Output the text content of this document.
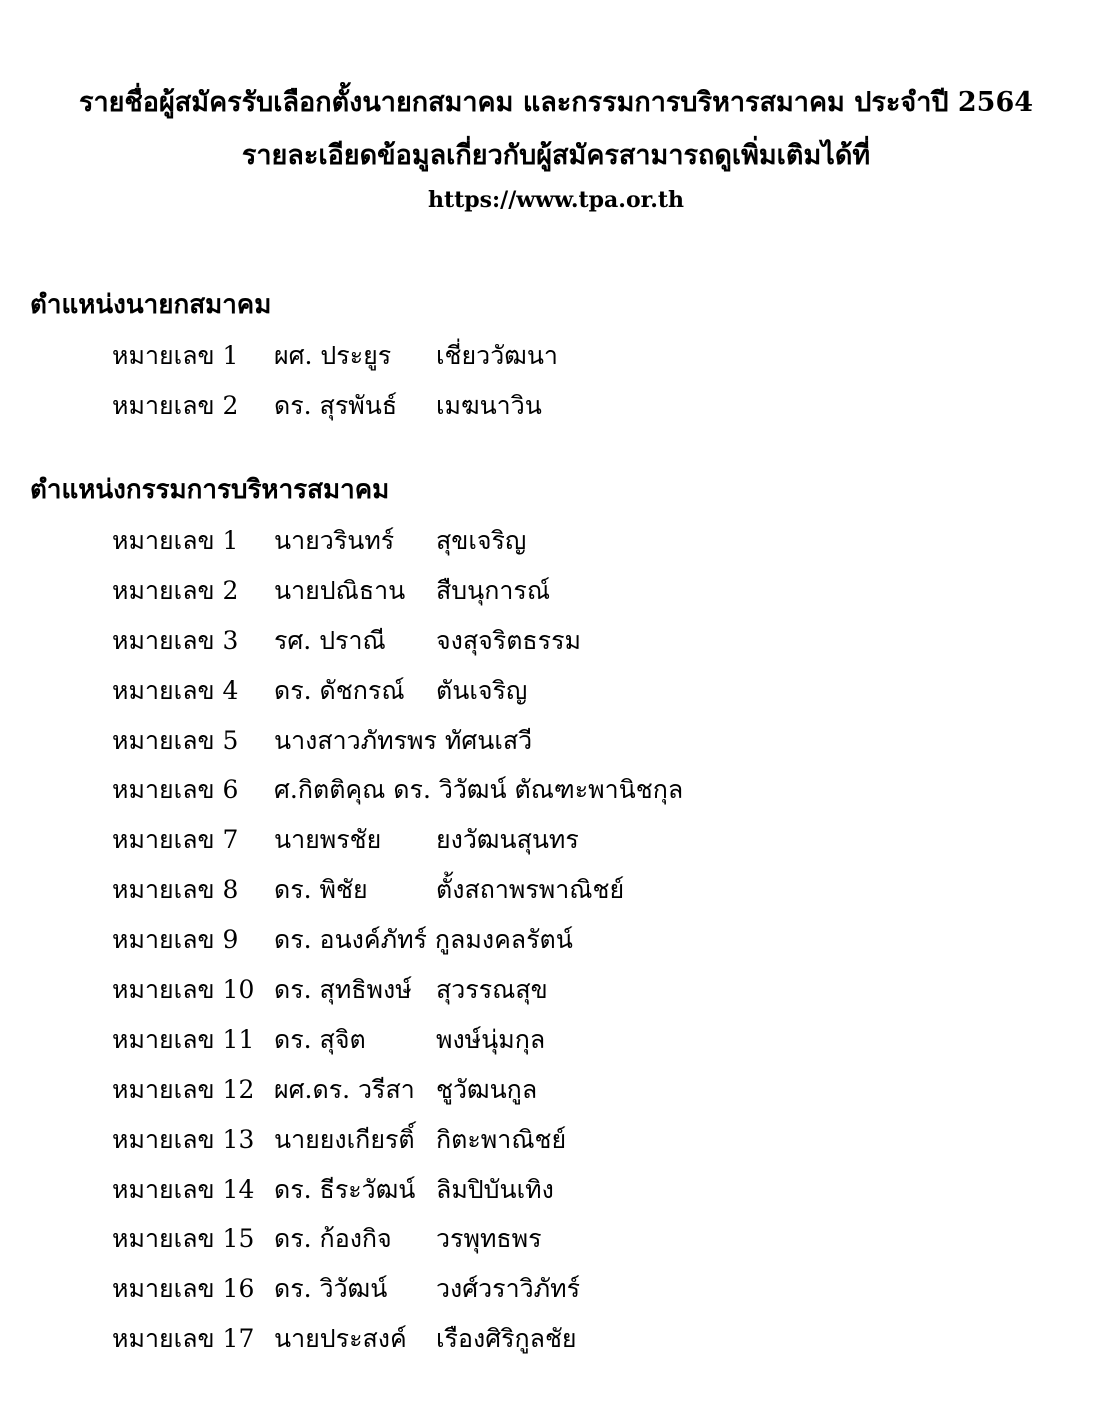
รายชื่อผู้สมัครรับเลือกตั้งนายกสมาคม และกรรมการบริหารสมาคม ประจำปี 2564
รายละเอียดข้อมูลเกี่ยวกับผู้สมัครสามารถดูเพิ่มเติมได้ที่
https://www.tpa.or.th
ตำแหน่งนายกสมาคม
หมายเลข 1 ผศ. ประยูร เชี่ยววัฒนา
หมายเลข 2 ดร. สุรพันธ์ เมฆนาวิน
ตำแหน่งกรรมการบริหารสมาคม
หมายเลข 1 นายวรินทร์ สุขเจริญ
หมายเลข 2 นายปณิธาน สืบนุการณ์
หมายเลข 3 รศ. ปราณี จงสุจริตธรรม
หมายเลข 4 ดร. ดัชกรณ์ ตันเจริญ
หมายเลข 5 นางสาวภัทรพร ทัศนเสวี
หมายเลข 6 ศ.กิตติคุณ ดร. วิวัฒน์ ตัณฑะพานิชกุล
หมายเลข 7 นายพรชัย ยงวัฒนสุนทร
หมายเลข 8 ดร. พิชัย	ตั้งสถาพรพาณิชย์
หมายเลข 9 ดร. อนงค์ภัทร์ กูลมงคลรัตน์
หมายเลข 10 ดร. สุทธิพงษ์ สุวรรณสุข
หมายเลข 11 ดร. สุจิต	พงษ์นุ่มกุล
หมายเลข 12 ผศ.ดร. วรีสา ชูวัฒนกูล
หมายเลข 13 นายยงเกียรติ์ กิตะพาณิชย์
หมายเลข 14 ดร. ธีระวัฒน์ ลิมปิบันเทิง
หมายเลข 15 ดร. ก้องกิจ วรพุทธพร
หมายเลข 16 ดร. วิวัฒน์ วงศ์วราวิภัทร์
หมายเลข 17 นายประสงค์ เรืองศิริกูลชัย
